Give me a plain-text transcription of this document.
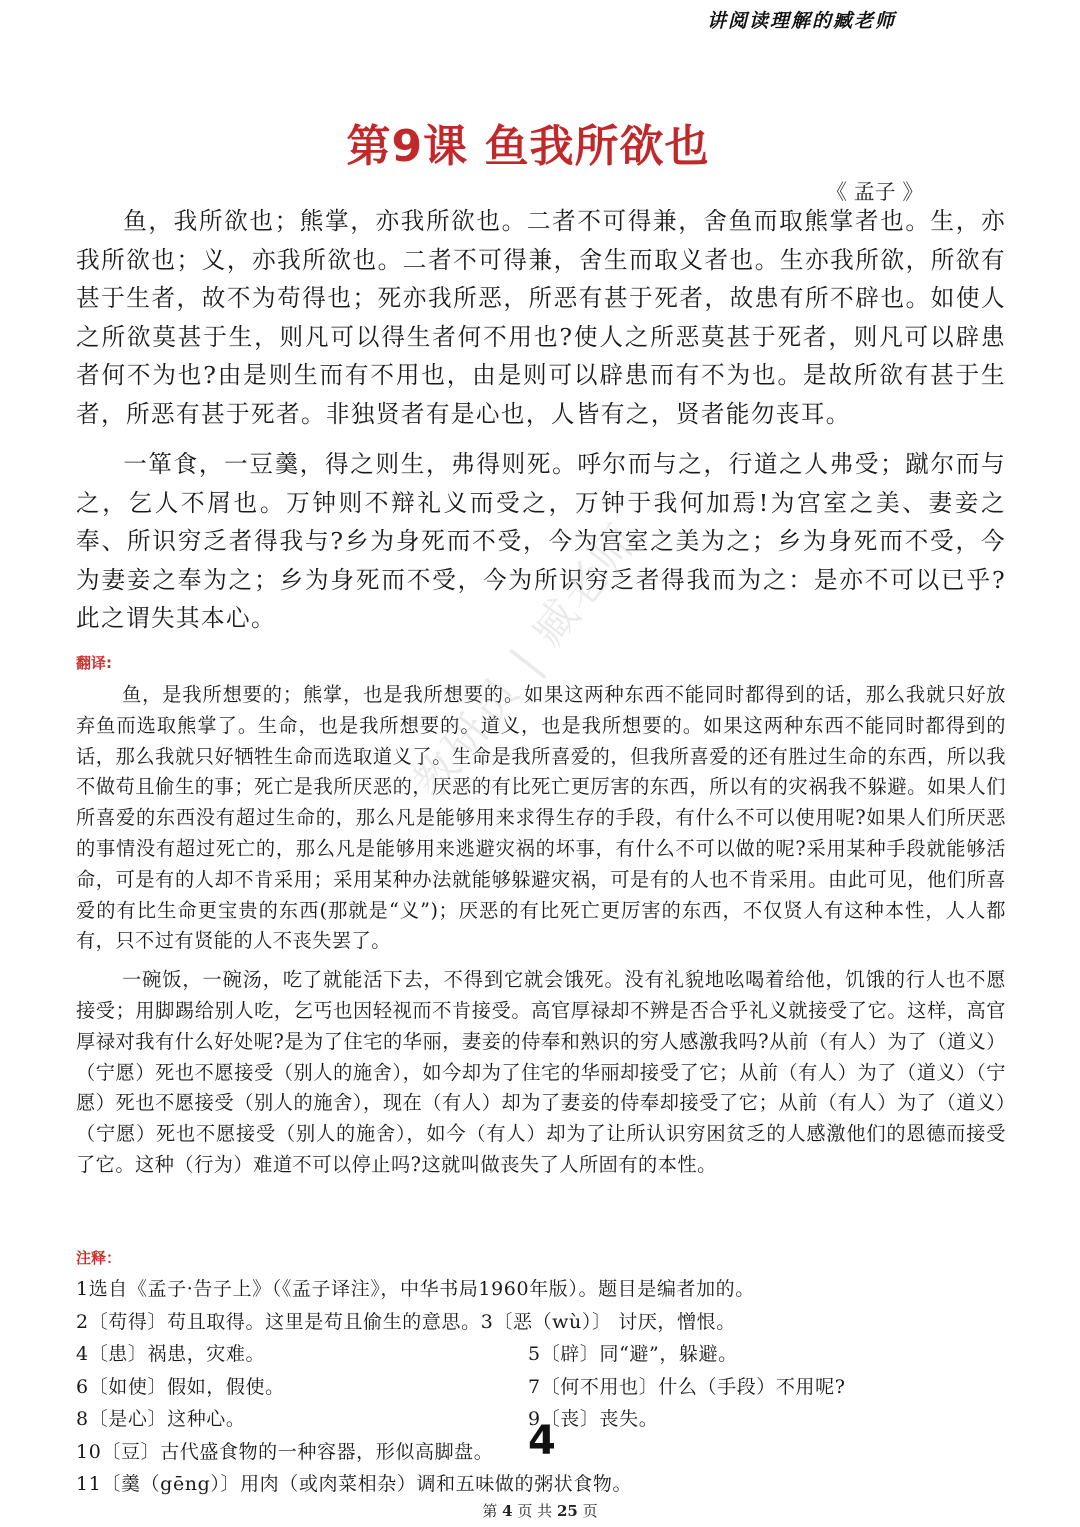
讲阅读理解的臧老师
第9课 鱼我所欲也
《 孟子 》

鱼，我所欲也；熊掌，亦我所欲也。二者不可得兼，舍鱼而取熊掌者也。生，亦我所欲也；义，亦我所欲也。二者不可得兼，舍生而取义者也。生亦我所欲，所欲有甚于生者，故不为苟得也；死亦我所恶，所恶有甚于死者，故患有所不辟也。如使人之所欲莫甚于生，则凡可以得生者何不用也?使人之所恶莫甚于死者，则凡可以辟患者何不为也?由是则生而有不用也，由是则可以辟患而有不为也。是故所欲有甚于生者，所恶有甚于死者。非独贤者有是心也，人皆有之，贤者能勿丧耳。

一箪食，一豆羹，得之则生，弗得则死。呼尔而与之，行道之人弗受；蹴尔而与之，乞人不屑也。万钟则不辩礼义而受之，万钟于我何加焉!为宫室之美、妻妾之奉、所识穷乏者得我与?乡为身死而不受，今为宫室之美为之；乡为身死而不受，今为妻妾之奉为之；乡为身死而不受，今为所识穷乏者得我而为之：是亦不可以已乎?此之谓失其本心。

翻译:

鱼，是我所想要的；熊掌，也是我所想要的。如果这两种东西不能同时都得到的话，那么我就只好放弃鱼而选取熊掌了。生命，也是我所想要的。道义，也是我所想要的。如果这两种东西不能同时都得到的话，那么我就只好牺牲生命而选取道义了。生命是我所喜爱的，但我所喜爱的还有胜过生命的东西，所以我不做苟且偷生的事；死亡是我所厌恶的，厌恶的有比死亡更厉害的东西，所以有的灾祸我不躲避。如果人们所喜爱的东西没有超过生命的，那么凡是能够用来求得生存的手段，有什么不可以使用呢?如果人们所厌恶的事情没有超过死亡的，那么凡是能够用来逃避灾祸的坏事，有什么不可以做的呢?采用某种手段就能够活命，可是有的人却不肯采用；采用某种办法就能够躲避灾祸，可是有的人也不肯采用。由此可见，他们所喜爱的有比生命更宝贵的东西(那就是“义”)；厌恶的有比死亡更厉害的东西，不仅贤人有这种本性，人人都有，只不过有贤能的人不丧失罢了。

一碗饭，一碗汤，吃了就能活下去，不得到它就会饿死。没有礼貌地吆喝着给他，饥饿的行人也不愿接受；用脚踢给别人吃，乞丐也因轻视而不肯接受。高官厚禄却不辨是否合乎礼义就接受了它。这样，高官厚禄对我有什么好处呢?是为了住宅的华丽，妻妾的侍奉和熟识的穷人感激我吗?从前（有人）为了（道义）（宁愿）死也不愿接受（别人的施舍），如今却为了住宅的华丽却接受了它；从前（有人）为了（道义）（宁愿）死也不愿接受（别人的施舍），现在（有人）却为了妻妾的侍奉却接受了它；从前（有人）为了（道义）（宁愿）死也不愿接受（别人的施舍），如今（有人）却为了让所认识穷困贫乏的人感激他们的恩德而接受了它。这种（行为）难道不可以停止吗?这就叫做丧失了人所固有的本性。

教研员 | 臧老师
注释：
1选自《孟子·告子上》（《孟子译注》，中华书局1960年版）。题目是编者加的。
2〔苟得〕苟且取得。这里是苟且偷生的意思。3〔恶（wù）〕 讨厌，憎恨。
4〔患〕祸患，灾难。	5〔辟〕同“避”，躲避。
6〔如使〕假如，假使。	7〔何不用也〕什么（手段）不用呢?
8〔是心〕这种心。	9〔丧〕丧失。
10〔豆〕古代盛食物的一种容器，形似高脚盘。
11〔羹（gēng）〕用肉（或肉菜相杂）调和五味做的粥状食物。
4
第 4 页 共 25 页
